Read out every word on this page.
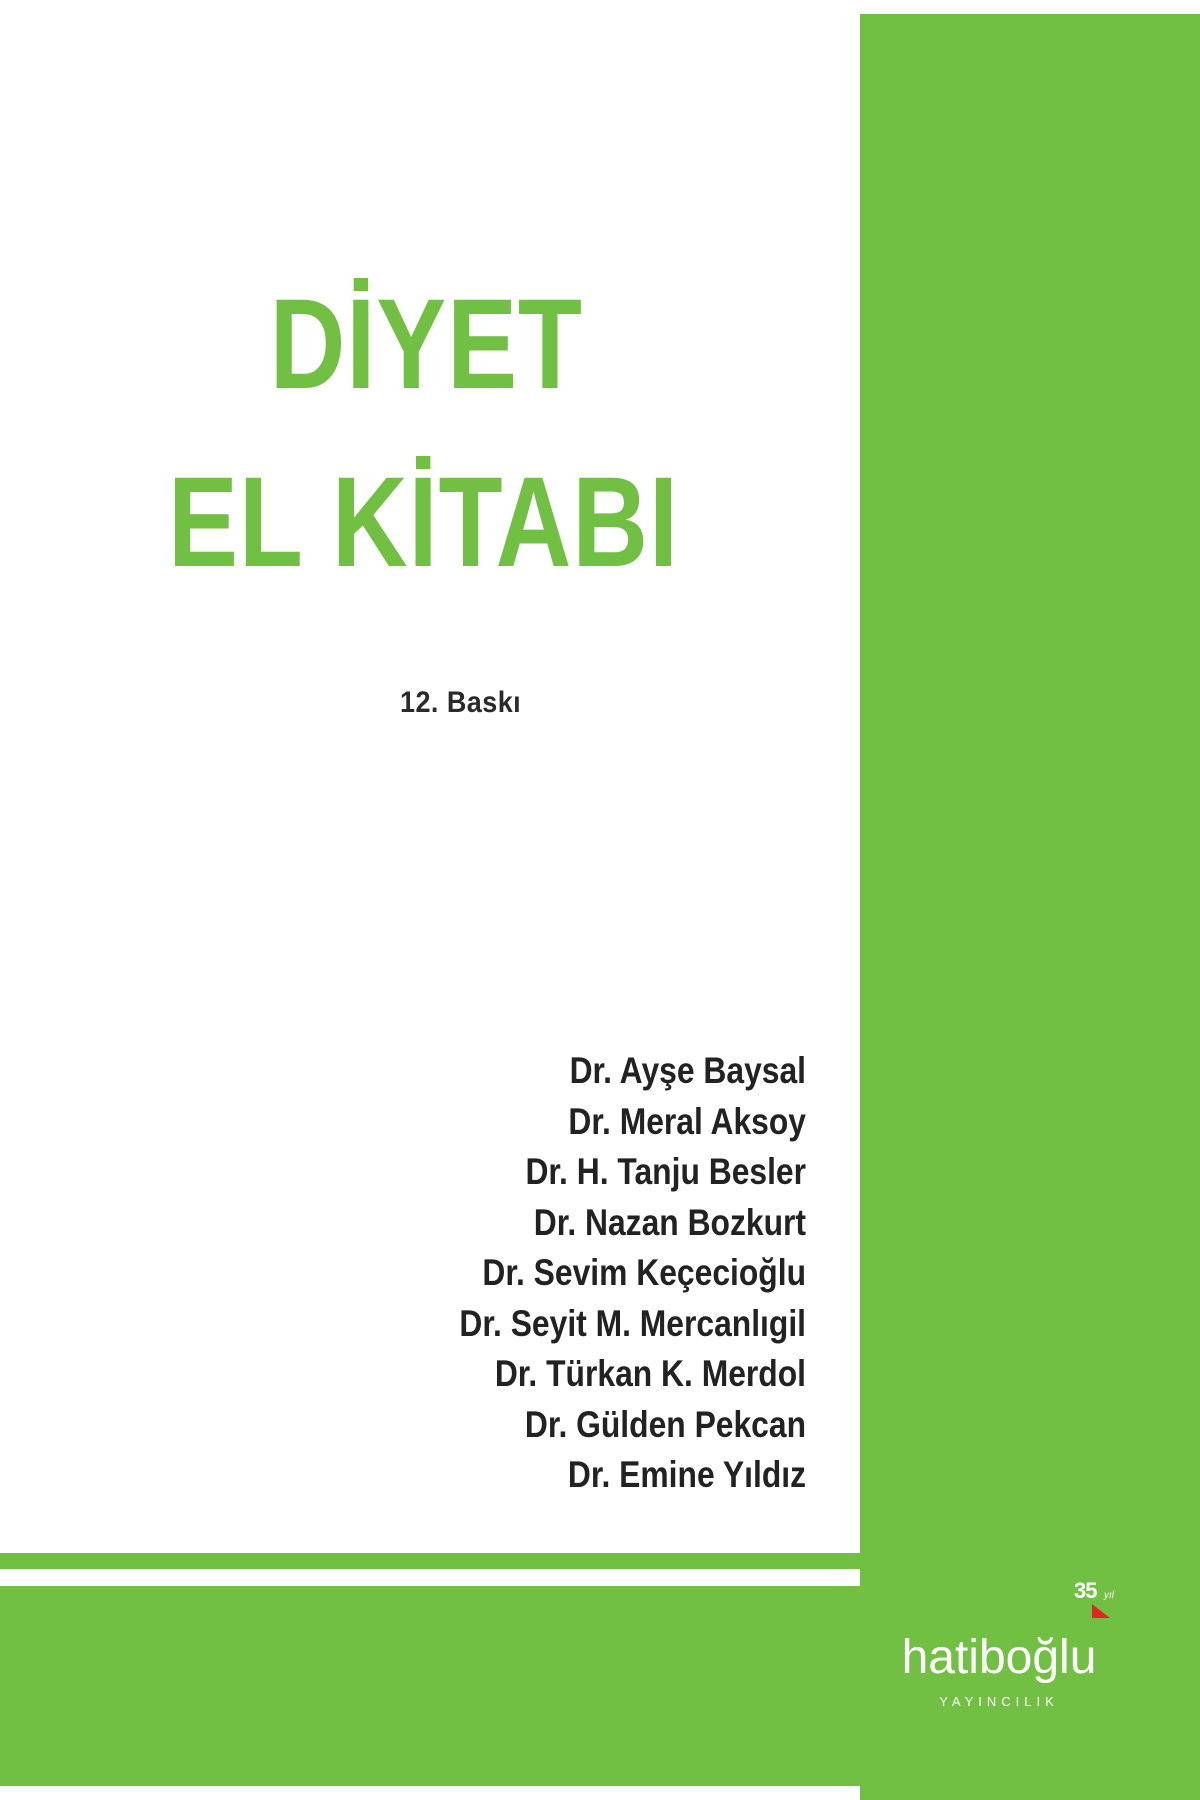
DİYET
EL KİTABI
12. Baskı
Dr. Ayşe Baysal
Dr. Meral Aksoy
Dr. H. Tanju Besler
Dr. Nazan Bozkurt
Dr. Sevim Keçecioğlu
Dr. Seyit M. Mercanlıgil
Dr. Türkan K. Merdol
Dr. Gülden Pekcan
Dr. Emine Yıldız
35 yıl
hatiboğlu
YAYINCILIK
